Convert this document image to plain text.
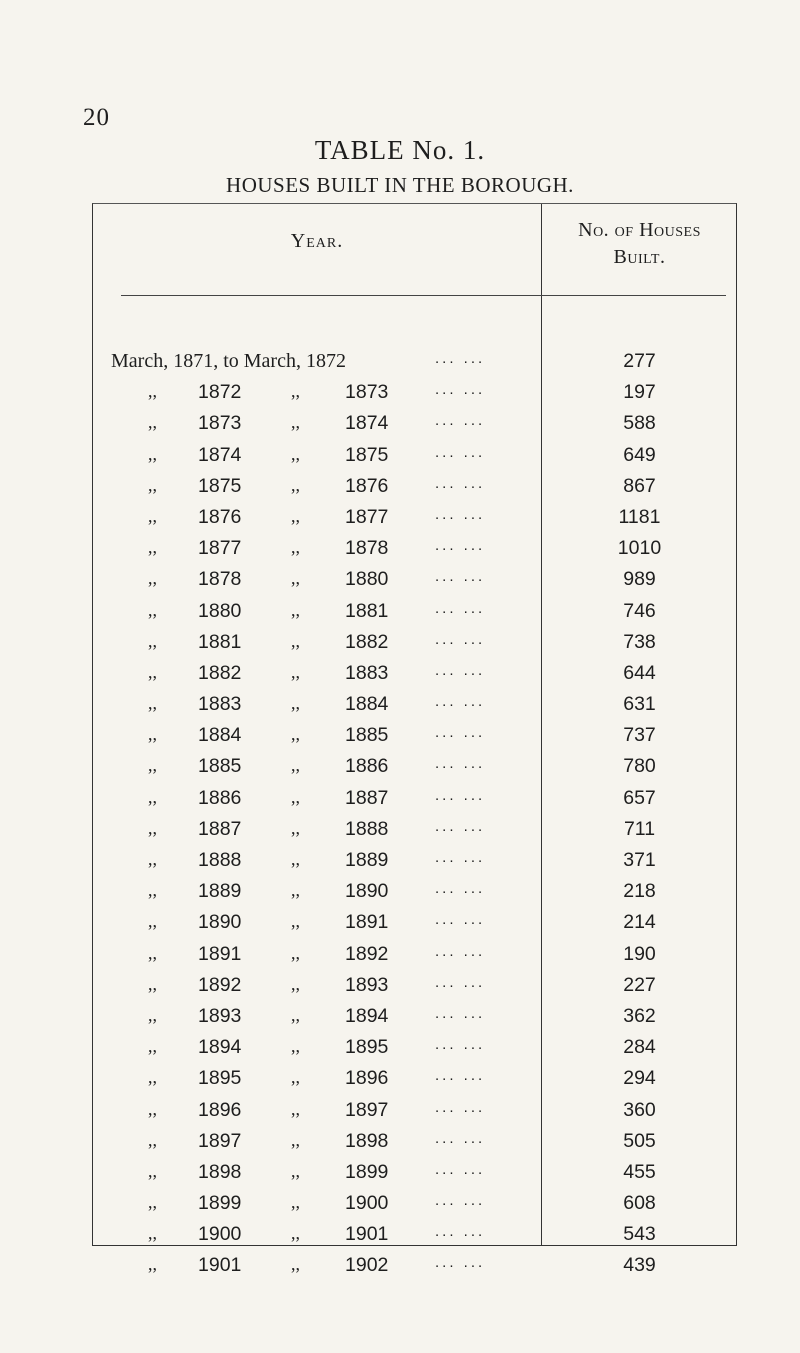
20
TABLE No. 1.
HOUSES BUILT IN THE BOROUGH.
Year.	No. of Houses
Built.
March, 1871, to March, 1872	... ...	277
,, 1872	,, 1873	... ...	197
,, 1873	,, 1874	... ...	588
,, 1874	,, 1875	... ...	649
,, 1875	,, 1876	... ...	867
,, 1876	,, 1877	... ...	1181
,, 1877	,, 1878	... ...	1010
,, 1878	,, 1880	... ...	989
,, 1880	,, 1881	... ...	746
,, 1881	,, 1882	... ...	738
,, 1882	,, 1883	... ...	644
,, 1883	,, 1884	... ...	631
,, 1884	,, 1885	... ...	737
,, 1885	,, 1886	... ...	780
,, 1886	,, 1887	... ...	657
,, 1887	,, 1888	... ...	711
,, 1888	,, 1889	... ...	371
,, 1889	,, 1890	... ...	218
,, 1890	,, 1891	... ...	214
,, 1891	,, 1892	... ...	190
,, 1892	,, 1893	... ...	227
,, 1893	,, 1894	... ...	362
,, 1894	,, 1895	... ...	284
,, 1895	,, 1896	... ...	294
,, 1896	,, 1897	... ...	360
,, 1897	,, 1898	... ...	505
,, 1898	,, 1899	... ...	455
,, 1899	,, 1900	... ...	608
,, 1900	,, 1901	... ...	543
,, 1901	,, 1902	... ...	439
